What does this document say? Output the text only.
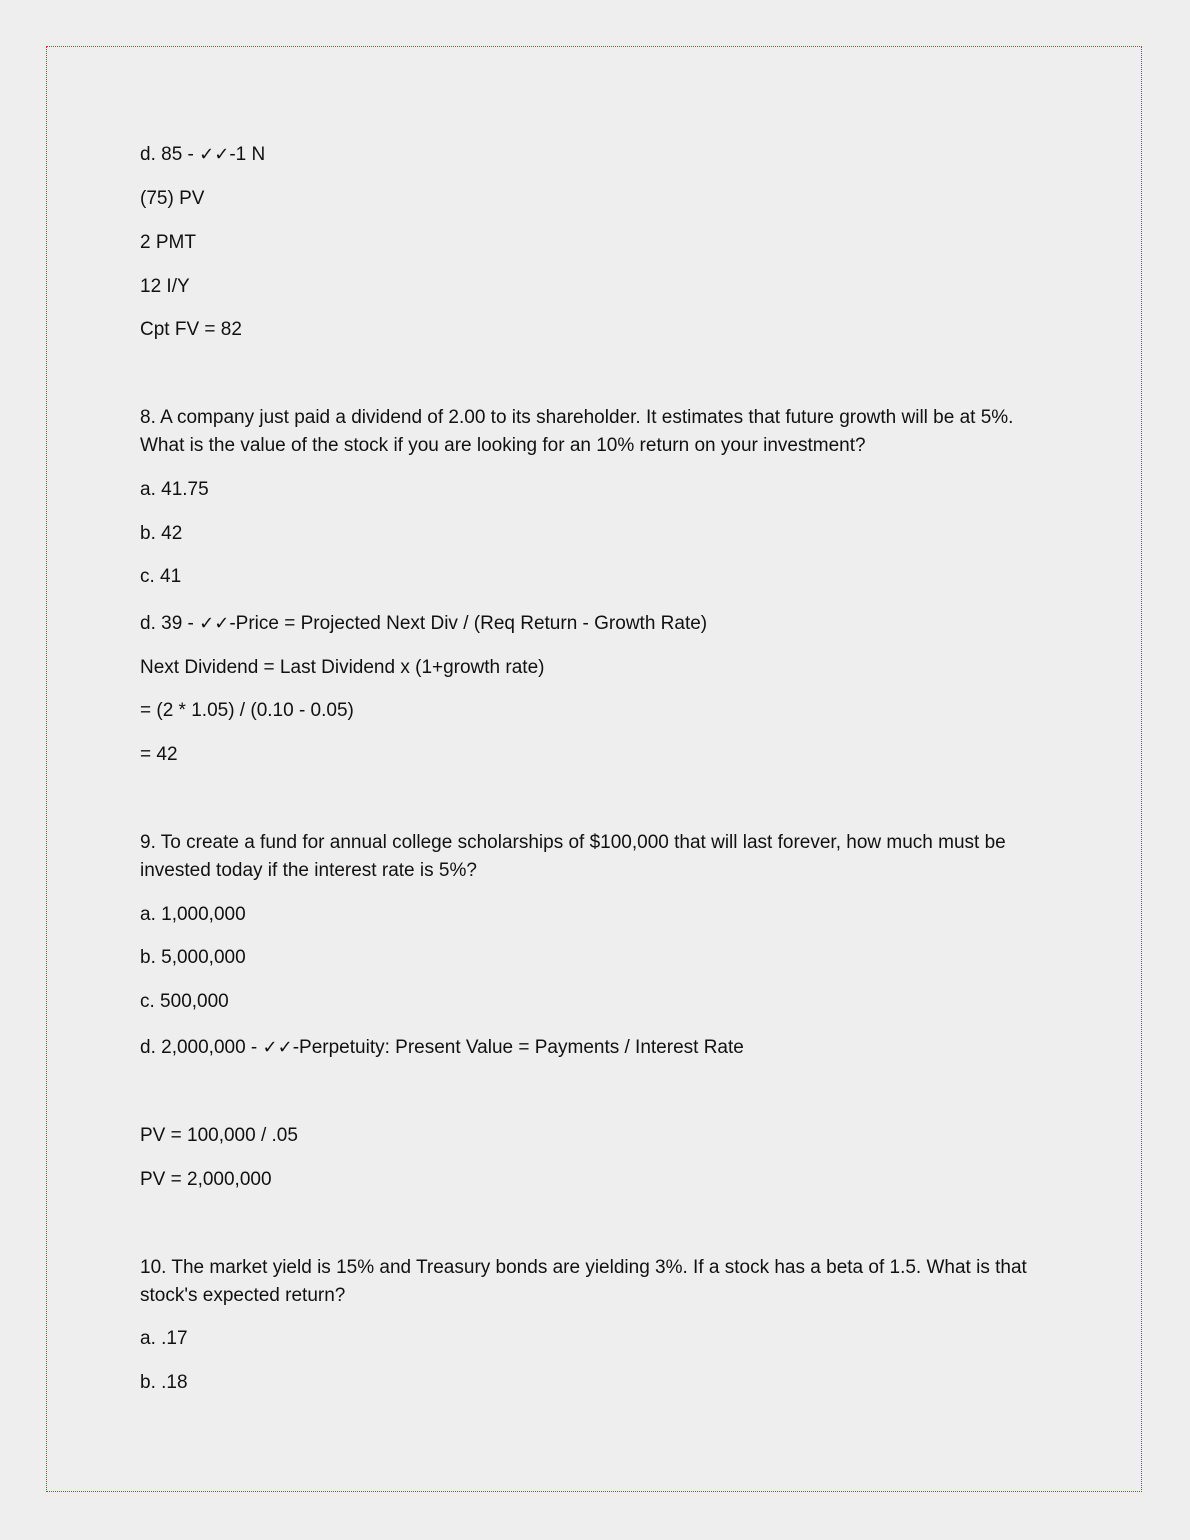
d. 85 - ✓✓-1 N
(75) PV
2 PMT
12 I/Y
Cpt FV = 82
8. A company just paid a dividend of 2.00 to its shareholder. It estimates that future growth will be at 5%. What is the value of the stock if you are looking for an 10% return on your investment?
a. 41.75
b. 42
c. 41
d. 39 - ✓✓-Price = Projected Next Div / (Req Return - Growth Rate)
Next Dividend = Last Dividend x (1+growth rate)
= (2 * 1.05) / (0.10 - 0.05)
= 42
9. To create a fund for annual college scholarships of $100,000 that will last forever, how much must be invested today if the interest rate is 5%?
a. 1,000,000
b. 5,000,000
c. 500,000
d. 2,000,000 - ✓✓-Perpetuity: Present Value = Payments / Interest Rate
PV = 100,000 / .05
PV = 2,000,000
10. The market yield is 15% and Treasury bonds are yielding 3%. If a stock has a beta of 1.5. What is that stock's expected return?
a. .17
b. .18
